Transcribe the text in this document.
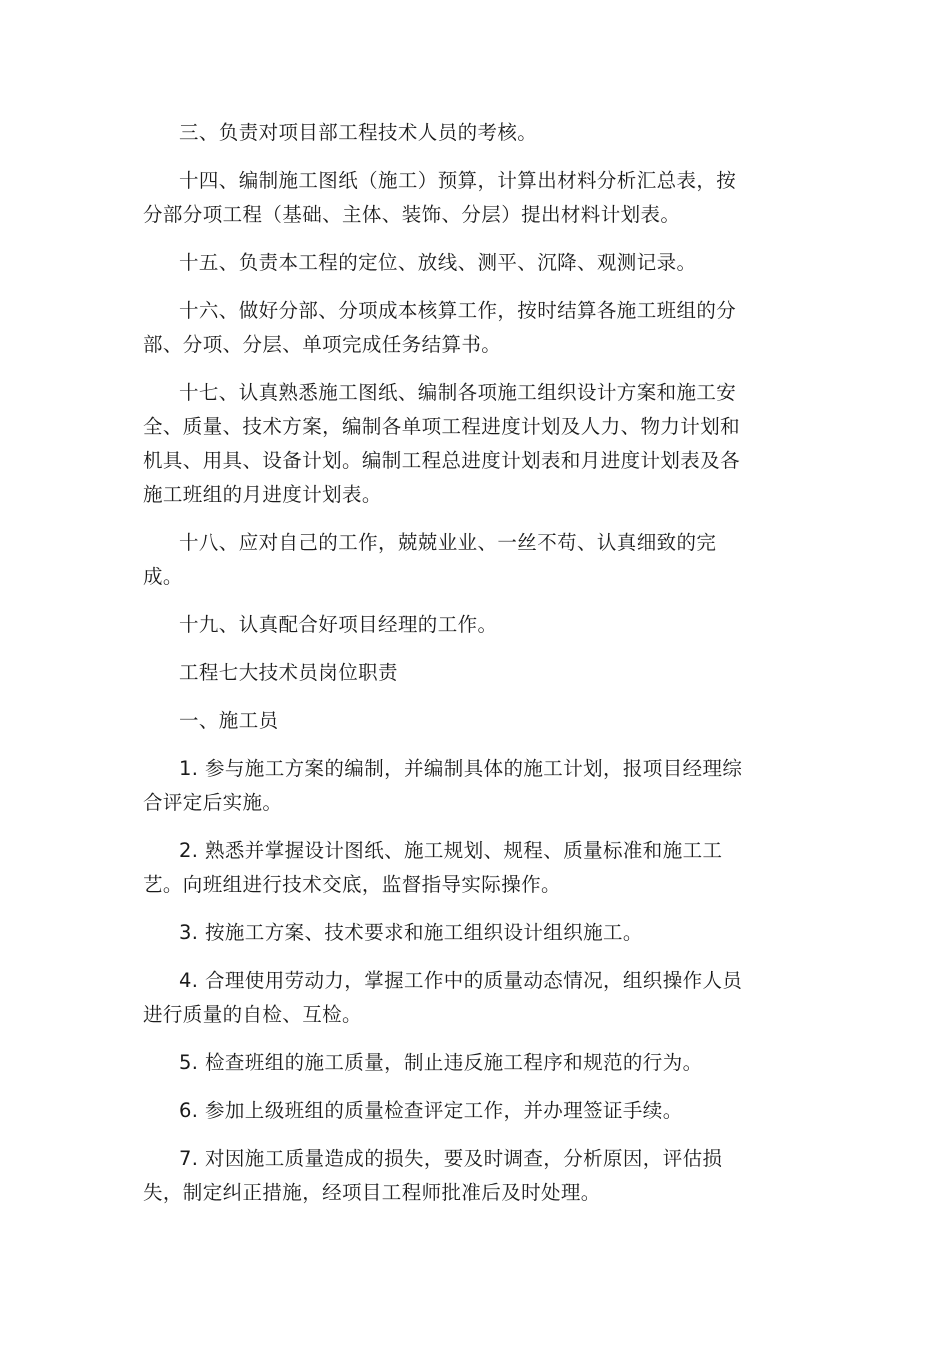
三、负责对项目部工程技术人员的考核。

十四、编制施工图纸（施工）预算，计算出材料分析汇总表，按分部分项工程（基础、主体、装饰、分层）提出材料计划表。

十五、负责本工程的定位、放线、测平、沉降、观测记录。

十六、做好分部、分项成本核算工作，按时结算各施工班组的分部、分项、分层、单项完成任务结算书。

十七、认真熟悉施工图纸、编制各项施工组织设计方案和施工安全、质量、技术方案，编制各单项工程进度计划及人力、物力计划和机具、用具、设备计划。编制工程总进度计划表和月进度计划表及各施工班组的月进度计划表。

十八、应对自己的工作，兢兢业业、一丝不苟、认真细致的完成。

十九、认真配合好项目经理的工作。

工程七大技术员岗位职责

一、施工员

1. 参与施工方案的编制，并编制具体的施工计划，报项目经理综合评定后实施。

2. 熟悉并掌握设计图纸、施工规划、规程、质量标准和施工工艺。向班组进行技术交底，监督指导实际操作。

3. 按施工方案、技术要求和施工组织设计组织施工。

4. 合理使用劳动力，掌握工作中的质量动态情况，组织操作人员进行质量的自检、互检。

5. 检查班组的施工质量，制止违反施工程序和规范的行为。

6. 参加上级班组的质量检查评定工作，并办理签证手续。

7. 对因施工质量造成的损失，要及时调查，分析原因，评估损失，制定纠正措施，经项目工程师批准后及时处理。
